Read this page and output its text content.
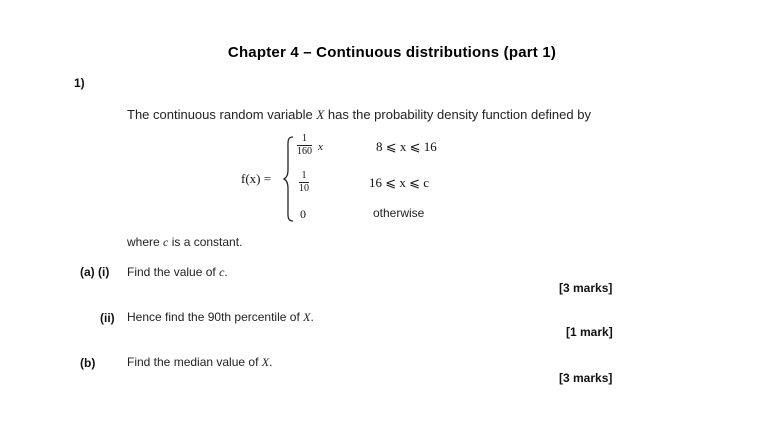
Chapter 4 – Continuous distributions (part 1)
1)
The continuous random variable X has the probability density function defined by
f(x) =
1
160 x	8 ⩽ x ⩽ 16
1
10	16 ⩽ x ⩽ c
0	otherwise
where c is a constant.
(a) (i) Find the value of c.
[3 marks]
(ii) Hence find the 90th percentile of X.
[1 mark]
(b)	Find the median value of X.
[3 marks]
